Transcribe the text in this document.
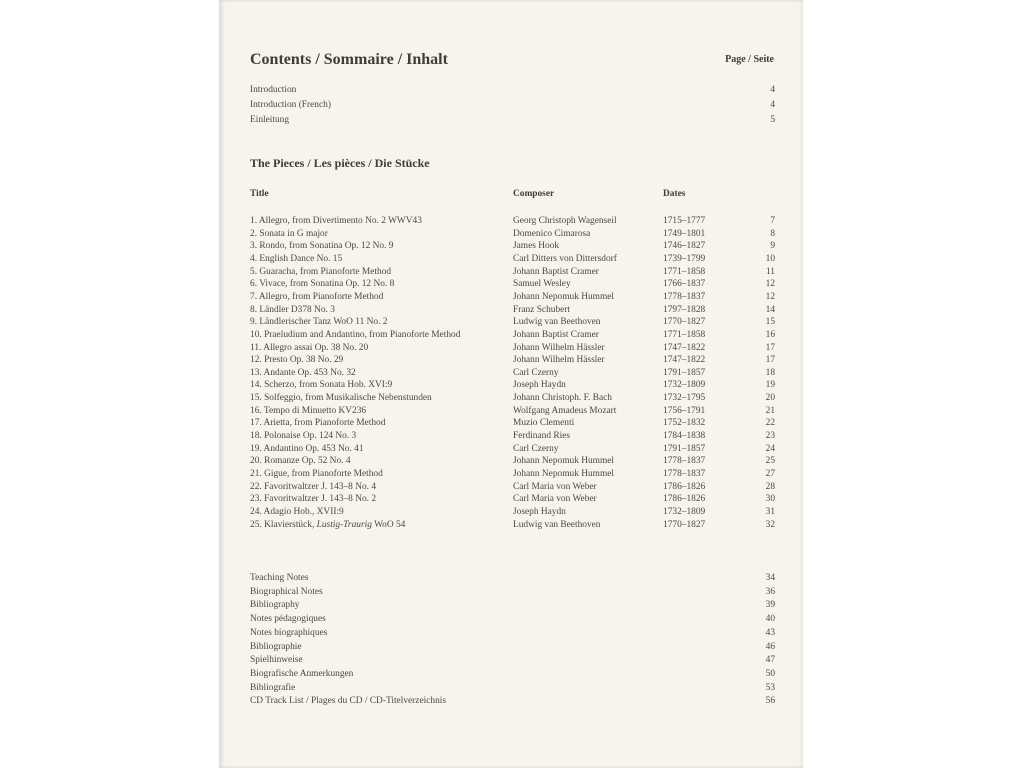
Contents / Sommaire / Inhalt	Page / Seite
Introduction	4
Introduction (French)	4
Einleitung	5
The Pieces / Les pièces / Die Stücke
Title	Composer	Dates
1. Allegro, from Divertimento No. 2 WWV43	Georg Christoph Wagenseil	1715–1777	7
2. Sonata in G major	Domenico Cimarosa	1749–1801	8
3. Rondo, from Sonatina Op. 12 No. 9	James Hook	1746–1827	9
4. English Dance No. 15	Carl Ditters von Dittersdorf	1739–1799	10
5. Guaracha, from Pianoforte Method	Johann Baptist Cramer	1771–1858	11
6. Vivace, from Sonatina Op. 12 No. 8	Samuel Wesley	1766–1837	12
7. Allegro, from Pianoforte Method	Johann Nepomuk Hummel	1778–1837	12
8. Ländler D378 No. 3	Franz Schubert	1797–1828	14
9. Ländlerischer Tanz WoO 11 No. 2	Ludwig van Beethoven	1770–1827	15
10. Praeludium and Andantino, from Pianoforte Method	Johann Baptist Cramer	1771–1858	16
11. Allegro assai Op. 38 No. 20	Johann Wilhelm Hässler	1747–1822	17
12. Presto Op. 38 No. 29	Johann Wilhelm Hässler	1747–1822	17
13. Andante Op. 453 No. 32	Carl Czerny	1791–1857	18
14. Scherzo, from Sonata Hob. XVI:9	Joseph Haydn	1732–1809	19
15. Solfeggio, from Musikalische Nebenstunden	Johann Christoph. F. Bach	1732–1795	20
16. Tempo di Minuetto KV236	Wolfgang Amadeus Mozart	1756–1791	21
17. Arietta, from Pianoforte Method	Muzio Clementi	1752–1832	22
18. Polonaise Op. 124 No. 3	Ferdinand Ries	1784–1838	23
19. Andantino Op. 453 No. 41	Carl Czerny	1791–1857	24
20. Romanze Op. 52 No. 4	Johann Nepomuk Hummel	1778–1837	25
21. Gigue, from Pianoforte Method	Johann Nepomuk Hummel	1778–1837	27
22. Favoritwaltzer J. 143–8 No. 4	Carl Maria von Weber	1786–1826	28
23. Favoritwaltzer J. 143–8 No. 2	Carl Maria von Weber	1786–1826	30
24. Adagio Hob., XVII:9	Joseph Haydn	1732–1809	31
25. Klavierstück, Lustig-Traurig WoO 54	Ludwig van Beethoven	1770–1827	32
Teaching Notes	34
Biographical Notes	36
Bibliography	39
Notes pédagogiques	40
Notes biographiques	43
Bibliographie	46
Spielhinweise	47
Biografische Anmerkungen	50
Bibliografie	53
CD Track List / Plages du CD / CD-Titelverzeichnis	56
